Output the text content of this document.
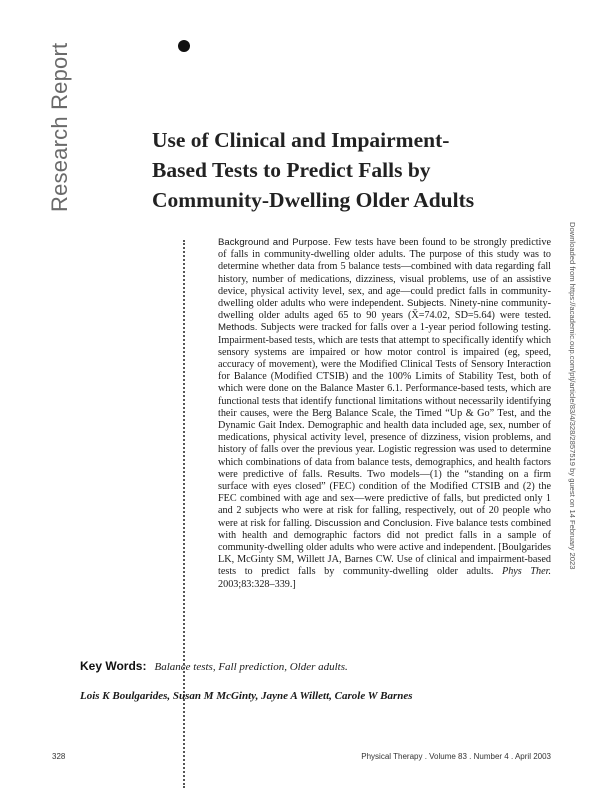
Research Report	Use of Clinical and Impairment-
Based Tests to Predict Falls by
Community-Dwelling Older Adults
Background and Purpose. Few tests have been found to be strongly predictive of falls in community-dwelling older adults. The purpose of this study was to determine whether data from 5 balance tests—combined with data regarding fall history, number of medications, dizziness, visual problems, use of an assistive device, physical activity level, sex, and age—could predict falls in community-dwelling older adults who were independent. Subjects. Ninety-nine community-dwelling older adults aged 65 to 90 years (X̄=74.02, SD=5.64) were tested. Methods. Subjects were tracked for falls over a 1-year period following testing. Impairment-based tests, which are tests that attempt to specifically identify which sensory systems are impaired or how motor control is impaired (eg, speed, accuracy of movement), were the Modified Clinical Tests of Sensory Interaction for Balance (Modified CTSIB) and the 100% Limits of Stability Test, both of which were done on the Balance Master 6.1. Performance-based tests, which are functional tests that identify functional limitations without necessarily identifying their causes, were the Berg Balance Scale, the Timed “Up & Go” Test, and the Dynamic Gait Index. Demographic and health data included age, sex, number of medications, physical activity level, presence of dizziness, vision problems, and history of falls over the previous year. Logistic regression was used to determine which combinations of data from balance tests, demographics, and health factors were predictive of falls. Results. Two models—(1) the “standing on a firm surface with eyes closed” (FEC) condition of the Modified CTSIB and (2) the FEC combined with age and sex—were predictive of falls, but predicted only 1 and 2 subjects who were at risk for falling, respectively, out of 20 people who were at risk for falling. Discussion and Conclusion. Five balance tests combined with health and demographic factors did not predict falls in a sample of community-dwelling older adults who were active and independent. [Boulgarides LK, McGinty SM, Willett JA, Barnes CW. Use of clinical and impairment-based tests to predict falls by community-dwelling older adults. Phys Ther. 2003;83:328–339.]
Downloaded from https://academic.oup.com/ptj/article/83/4/328/2857519 by guest on 14 February 2023
Key Words: Balance tests, Fall prediction, Older adults.
Lois K Boulgarides, Susan M McGinty, Jayne A Willett, Carole W Barnes
328	Physical Therapy . Volume 83 . Number 4 . April 2003
